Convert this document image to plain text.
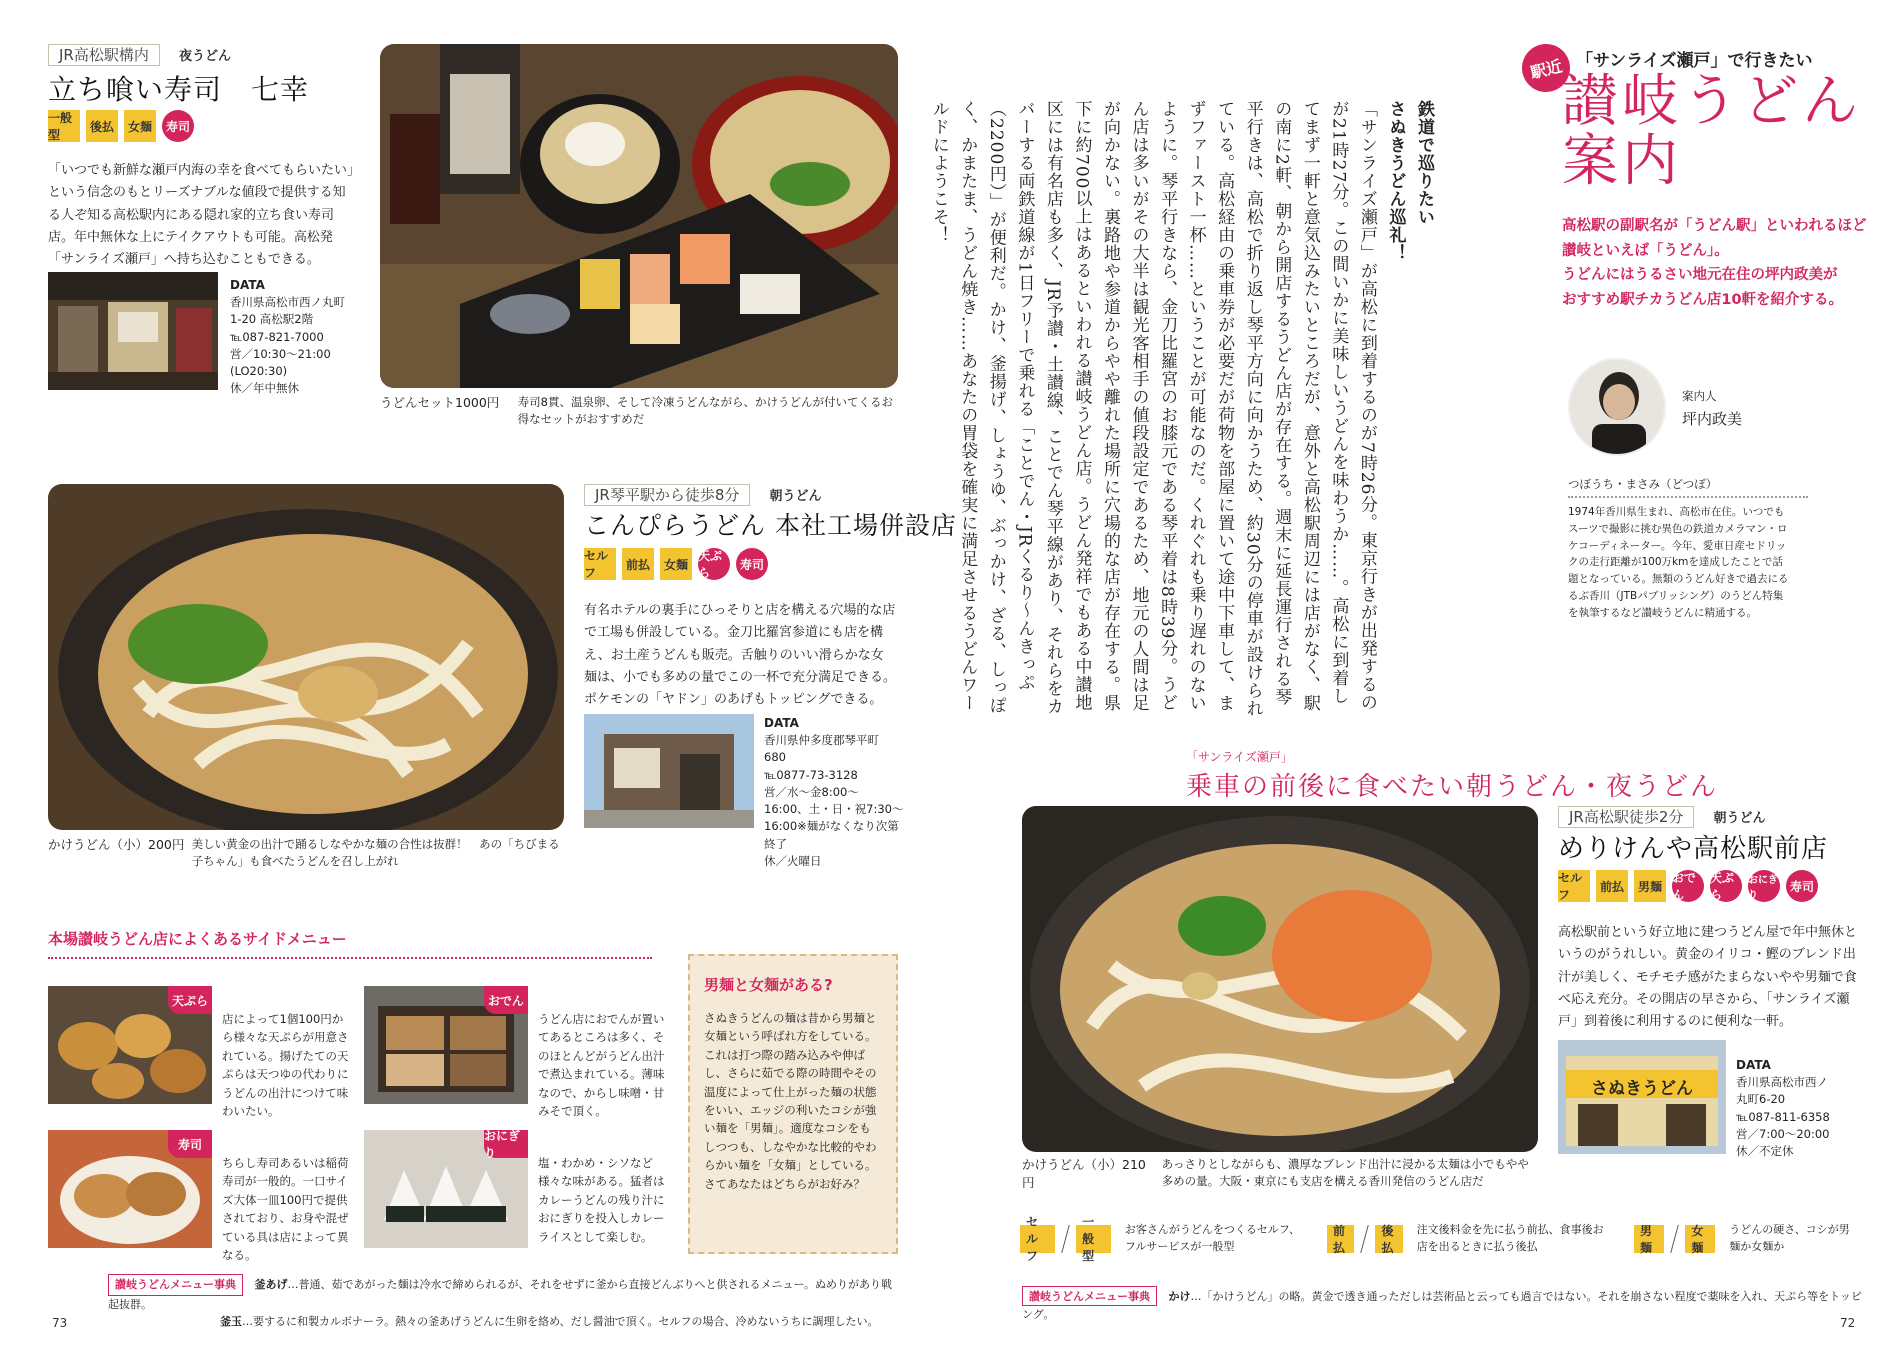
JR高松駅構内 夜うどん
立ち喰い寿司　七幸
一般型
後払	女麺	寿司
「いつでも新鮮な瀬戸内海の幸を食べてもらいたい」という信念のもとリーズナブルな値段で提供する知る人ぞ知る高松駅内にある隠れ家的立ち食い寿司店。年中無休な上にテイクアウトも可能。高松発「サンライズ瀬戸」へ持ち込むこともできる。
DATA
香川県高松市西ノ丸町
1-20 高松駅2階
℡087-821-7000
営／10:30〜21:00
(LO20:30)
休／年中無休
うどんセット1000円 寿司8貫、温泉卵、そして冷凍うどんながら、かけうどんが付いてくるお得なセットがおすすめだ
かけうどん（小）200円 美しい黄金の出汁で踊るしなやかな麺の合性は抜群！　あの「ちびまる子ちゃん」も食べたうどんを召し上がれ
JR琴平駅から徒歩8分 朝うどん
こんぴらうどん 本社工場併設店
セルフ
前払	女麺
天ぷら
寿司
有名ホテルの裏手にひっそりと店を構える穴場的な店で工場も併設している。金刀比羅宮参道にも店を構え、お土産うどんも販売。舌触りのいい滑らかな女麺は、小でも多めの量でこの一杯で充分満足できる。ポケモンの「ヤドン」のあげもトッピングできる。
DATA
香川県仲多度郡琴平町
680
℡0877-73-3128
営／水〜金8:00〜
16:00、土・日・祝7:30〜
16:00※麺がなくなり次第
終了
休／火曜日
本場讃岐うどん店によくあるサイドメニュー
天ぷら
店によって1個100円から様々な天ぷらが用意されている。揚げたての天ぷらは天つゆの代わりにうどんの出汁につけて味わいたい。
おでん
うどん店におでんが置いてあるところは多く、そのほとんどがうどん出汁で煮込まれている。薄味なので、からし味噌・甘みそで頂く。
寿司
ちらし寿司あるいは稲荷寿司が一般的。一口サイズ大体一皿100円で提供されており、お身や混ぜている具は店によって異なる。
おにぎり
塩・わかめ・シソなど様々な味がある。猛者はカレーうどんの残り汁におにぎりを投入しカレーライスとして楽しむ。
男麺と女麺がある?
さぬきうどんの麺は昔から男麺と女麺という呼ばれ方をしている。これは打つ際の踏み込みや伸ばし、さらに茹でる際の時間やその温度によって仕上がった麺の状態をいい、エッジの利いたコシが強い麺を「男麺」。適度なコシをもしつつも、しなやかな比較的やわらかい麺を「女麺」としている。さてあなたはどちらがお好み？
讃岐うどんメニュー事典 釜あげ…普通、茹であがった麺は冷水で締められるが、それをせずに釜から直接どんぶりへと供されるメニュー。ぬめりがあり戦起抜群。
釜玉…要するに和製カルボナーラ。熱々の釜あげうどんに生卵を絡め、だし醤油で頂く。セルフの場合、冷めないうちに調理したい。
73
鉄道で巡りたい
さぬきうどん巡礼！
「サンライズ瀬戸」が高松に到着するのが7時26分。東京行きが出発するのが21時27分。この間いかに美味しいうどんを味わうか……。高松に到着してまず一軒と意気込みたいところだが、意外と高松駅周辺には店がなく、駅の南に2軒、朝から開店するうどん店が存在する。週末に延長運行される琴平行きは、高松で折り返し琴平方向に向かうため、約30分の停車が設けられている。高松経由の乗車券が必要だが荷物を部屋に置いて途中下車して、まずファースト一杯……ということが可能なのだ。くれぐれも乗り遅れのないように。琴平行きなら、金刀比羅宮のお膝元である琴平着は8時39分。うどん店は多いがその大半は観光客相手の値段設定であるため、地元の人間は足が向かない。裏路地や参道からやや離れた場所に穴場的な店が存在する。県下に約700以上はあるといわれる讃岐うどん店。うどん発祥でもある中讃地区には有名店も多く、JR予讃・土讃線、ことでん琴平線があり、それらをカバーする両鉄道線が1日フリーで乗れる「ことでん・JRくるり〜んきっぷ（2200円）」が便利だ。かけ、釜揚げ、しょうゆ、ぶっかけ、ざる、しっぽく、かまたま、うどん焼き……あなたの胃袋を確実に満足させるうどんワールドにようこそ！
駅近 「サンライズ瀬戸」で行きたい
讃岐うどん
案内
高松駅の副駅名が「うどん駅」といわれるほど
讃岐といえば「うどん」。
うどんにはうるさい地元在住の坪内政美が
おすすめ駅チカうどん店10軒を紹介する。
案内人
坪内政美
つぼうち・まさみ（どつぼ）
1974年香川県生まれ、高松市在住。いつでもスーツで撮影に挑む異色の鉄道カメラマン・ロケコーディネーター。今年、愛車日産セドリックの走行距離が100万kmを達成したことで話題となっている。無類のうどん好きで過去にるるぶ香川（JTBパブリッシング）のうどん特集を執筆するなど讃岐うどんに精通する。
「サンライズ瀬戸」
乗車の前後に食べたい朝うどん・夜うどん
かけうどん（小）210円 あっさりとしながらも、濃厚なブレンド出汁に浸かる太麺は小でもやや多めの量。大阪・東京にも支店を構える香川発信のうどん店だ
JR高松駅徒歩2分 朝うどん
めりけんや高松駅前店
セルフ
前払	男麺
おでん
天ぷら
おにぎり
寿司
高松駅前という好立地に建つうどん屋で年中無休というのがうれしい。黄金のイリコ・鰹のブレンド出汁が美しく、モチモチ感がたまらないやや男麺で食べ応え充分。その開店の早さから、「サンライズ瀬戸」到着後に利用するのに便利な一軒。
さぬきうどん
DATA
香川県高松市西ノ
丸町6-20
℡087-811-6358
営／7:00〜20:00
休／不定休
セルフ
一般型
お客さんがうどんをつくるセルフ、フルサービスが一般型
前払
後払
注文後料金を先に払う前払、食事後お店を出るときに払う後払
男麺
女麺
うどんの硬さ、コシが男麺か女麺か
讃岐うどんメニュー事典 かけ…「かけうどん」の略。黄金で透き通っただしは芸術品と云っても過言ではない。それを崩さない程度で薬味を入れ、天ぷら等をトッピング。
72
